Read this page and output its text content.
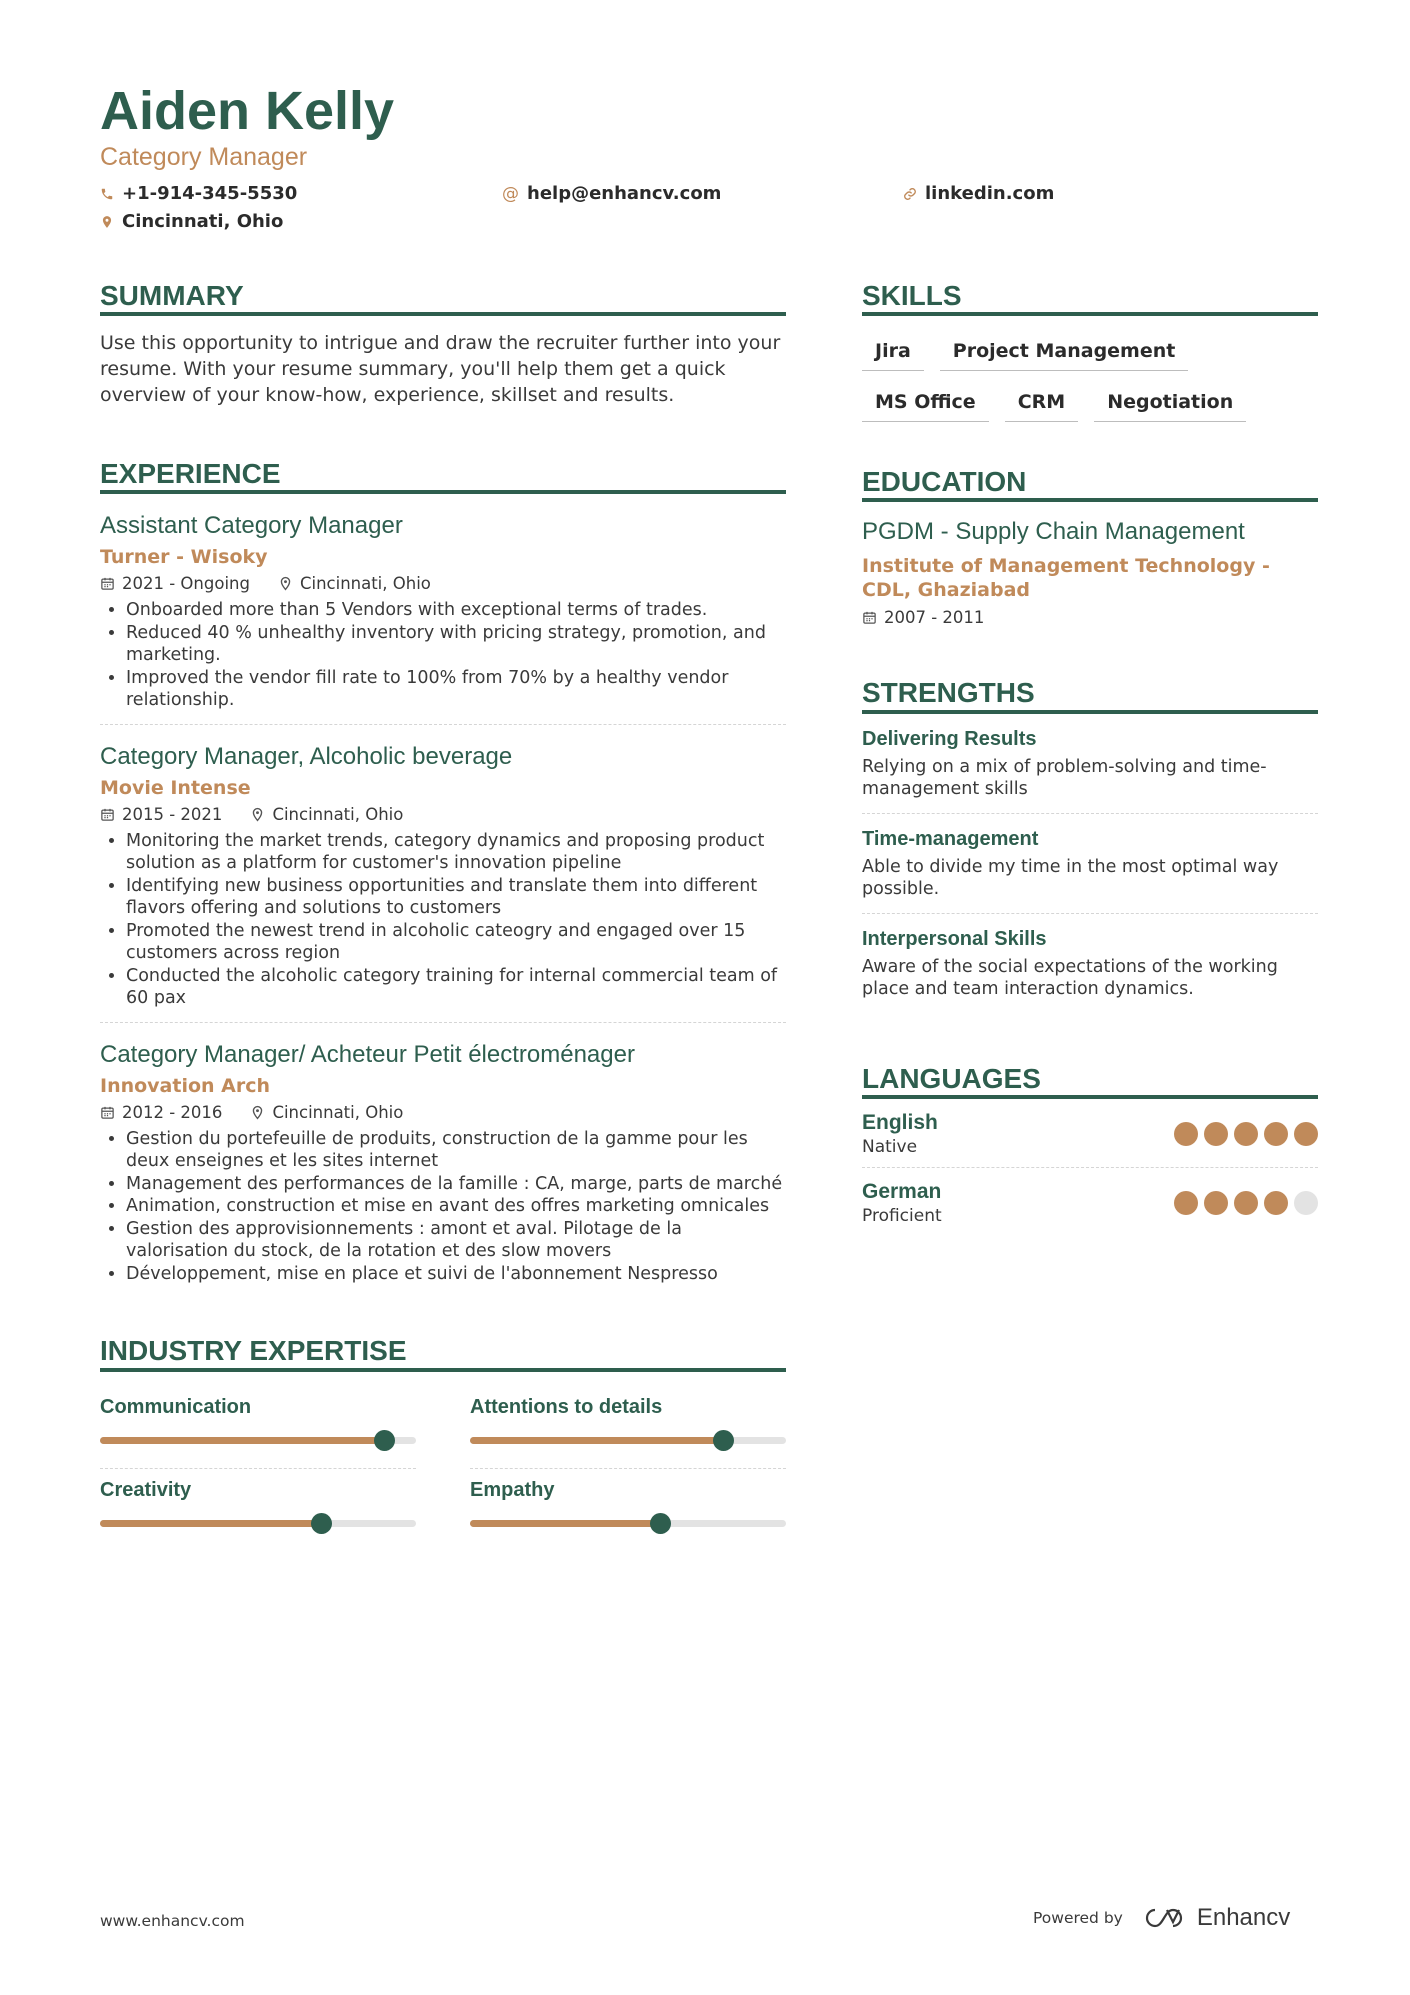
Aiden Kelly
Category Manager
+1-914-345-5530	@ help@enhancv.com	linkedin.com
Cincinnati, Ohio
SUMMARY
Use this opportunity to intrigue and draw the recruiter further into your resume. With your resume summary, you'll help them get a quick overview of your know-how, experience, skillset and results.
EXPERIENCE
Assistant Category Manager
Turner - Wisoky
2021 - Ongoing	Cincinnati, Ohio
• Onboarded more than 5 Vendors with exceptional terms of trades.
• Reduced 40 % unhealthy inventory with pricing strategy, promotion, and marketing.
• Improved the vendor fill rate to 100% from 70% by a healthy vendor relationship.
Category Manager, Alcoholic beverage
Movie Intense
2015 - 2021	Cincinnati, Ohio
• Monitoring the market trends, category dynamics and proposing product solution as a platform for customer's innovation pipeline
• Identifying new business opportunities and translate them into different flavors offering and solutions to customers
• Promoted the newest trend in alcoholic cateogry and engaged over 15 customers across region
• Conducted the alcoholic category training for internal commercial team of 60 pax
Category Manager/ Acheteur Petit électroménager
Innovation Arch
2012 - 2016	Cincinnati, Ohio
• Gestion du portefeuille de produits, construction de la gamme pour les deux enseignes et les sites internet
• Management des performances de la famille : CA, marge, parts de marché
• Animation, construction et mise en avant des offres marketing omnicales
• Gestion des approvisionnements : amont et aval. Pilotage de la valorisation du stock, de la rotation et des slow movers
• Développement, mise en place et suivi de l'abonnement Nespresso
INDUSTRY EXPERTISE
Communication	Attentions to details
Creativity	Empathy
SKILLS
Jira	Project Management
MS Office	CRM	Negotiation
EDUCATION
PGDM - Supply Chain Management
Institute of Management Technology - CDL, Ghaziabad
2007 - 2011
STRENGTHS
Delivering Results
Relying on a mix of problem-solving and time-management skills
Time-management
Able to divide my time in the most optimal way possible.
Interpersonal Skills
Aware of the social expectations of the working place and team interaction dynamics.
LANGUAGES
English
Native
German
Proficient
www.enhancv.com	Powered by	Enhancv
